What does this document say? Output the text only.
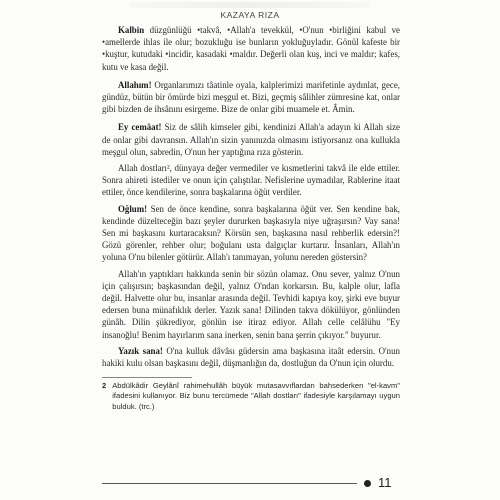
KAZAYA RIZA

Kalbin düzgünlüğü •takvâ, •Allah'a tevekkül, •O'nun •birliğini kabul ve •amellerde ihlas ile olur; bozukluğu ise bunların yokluğuyladır. Gönül kafeste bir •kuştur, kutudaki •incidir, kasadaki •maldır. Değerli olan kuş, inci ve maldır; kafes, kutu ve kasa değil.

Allahım! Organlarımızı tâatinle oyala, kalplerimizi marifetinle aydınlat, gece, gündüz, bütün bir ömürde bizi meşgul et. Bizi, geçmiş sâlihler zümresine kat, onlar gibi bizden de ihsânını esirgeme. Bize de onlar gibi muamele et. Âmin.

Ey cemâat! Siz de sâlih kimseler gibi, kendinizi Allah'a adayın ki Allah size de onlar gibi davransın. Allah'ın sizin yanınızda olmasını istiyorsanız ona kullukla meşgul olun, sabredin, O'nun her yaptığına rıza gösterin.

Allah dostları², dünyaya değer vermediler ve kısmetlerini takvâ ile elde ettiler. Sonra ahireti istediler ve onun için çalıştılar. Nefislerine uymadılar, Rablerine itaat ettiler, önce kendilerine, sonra başkalarına öğüt verdiler.

Oğlum! Sen de önce kendine, sonra başkalarına öğüt ver. Sen kendine bak, kendinde düzelteceğin bazı şeyler dururken başkasıyla niye uğraşırsın? Vay sana! Sen mi başkasını kurtaracaksın? Körsün sen, başkasına nasıl rehberlik edersin?! Gözü görenler, rehber olur; boğulanı usta dalgıçlar kurtarır. İnsanları, Allah'ın yoluna O'nu bilenler götürür. Allah'ı tanımayan, yolunu nereden göstersin?

Allah'ın yaptıkları hakkında senin bir sözün olamaz. Onu sever, yalnız O'nun için çalışırsın; başkasından değil, yalnız O'ndan korkarsın. Bu, kalple olur, lafla değil. Halvette olur bu, insanlar arasında değil. Tevhidi kapıya koy, şirki eve buyur edersen buna münafıklık derler. Yazık sana! Dilinden takva dökülüyor, gönlünden günâh. Dilin şükrediyor, gönlün ise itiraz ediyor. Allah celle celâlühu "Ey insanoğlu! Benim hayırlarım sana inerken, senin bana şerrin çıkıyor." buyurur.

Yazık sana! O'na kulluk dâvâsı güdersin ama başkasına itaât edersin. O'nun hakiki kulu olsan başkasını değil, düşmanlığın da, dostluğun da O'nun için olurdu.

2 Abdülkâdir Geylânî rahimehullâh büyük mutasavvıflardan bahsederken "el-kavm" ifadesini kullanıyor. Biz bunu tercümede "Allah dostları" ifadesiyle karşılamayı uygun bulduk. (trc.)
11
